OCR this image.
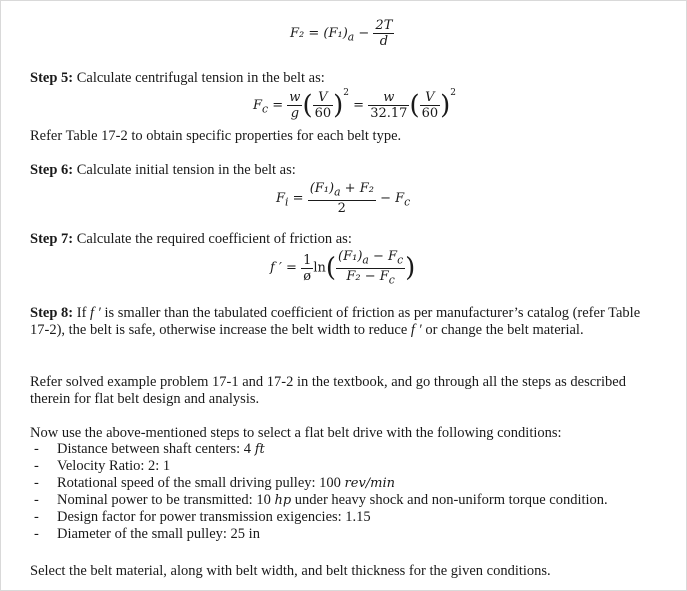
$F_2 = (F_1)_a - \frac{2T}{d}$
Step 5: Calculate centrifugal tension in the belt as:
$F_c = \frac{w}{g}$ ( $\frac{V}{60} )^2 = \frac{w}{32.17}$ ( $\frac{V}{60} )^2$
Refer Table 17-2 to obtain specific properties for each belt type.
Step 6: Calculate initial tension in the belt as:
$F_i = \frac{(F_1)_a + F_2}{2} - F_c$
Step 7: Calculate the required coefficient of friction as:
f ′ = $\frac{1}{ø} \ln( \frac{(F_1)_a - F_c}{F_2 - F_c}$ )
Step 8: If f ′ is smaller than the tabulated coefficient of friction as per manufacturer’s catalog (refer Table
17-2), the belt is safe, otherwise increase the belt width to reduce f ′ or change the belt material.
Refer solved example problem 17-1 and 17-2 in the textbook, and go through all the steps as described
therein for flat belt design and analysis.
Now use the above-mentioned steps to select a flat belt drive with the following conditions:
- Distance between shaft centers: 4 ft
- Velocity Ratio: 2: 1
- Rotational speed of the small driving pulley: 100 rev/min
- Nominal power to be transmitted: 10 hp under heavy shock and non-uniform torque condition.
- Design factor for power transmission exigencies: 1.15
- Diameter of the small pulley: 25 in
Select the belt material, along with belt width, and belt thickness for the given conditions.
